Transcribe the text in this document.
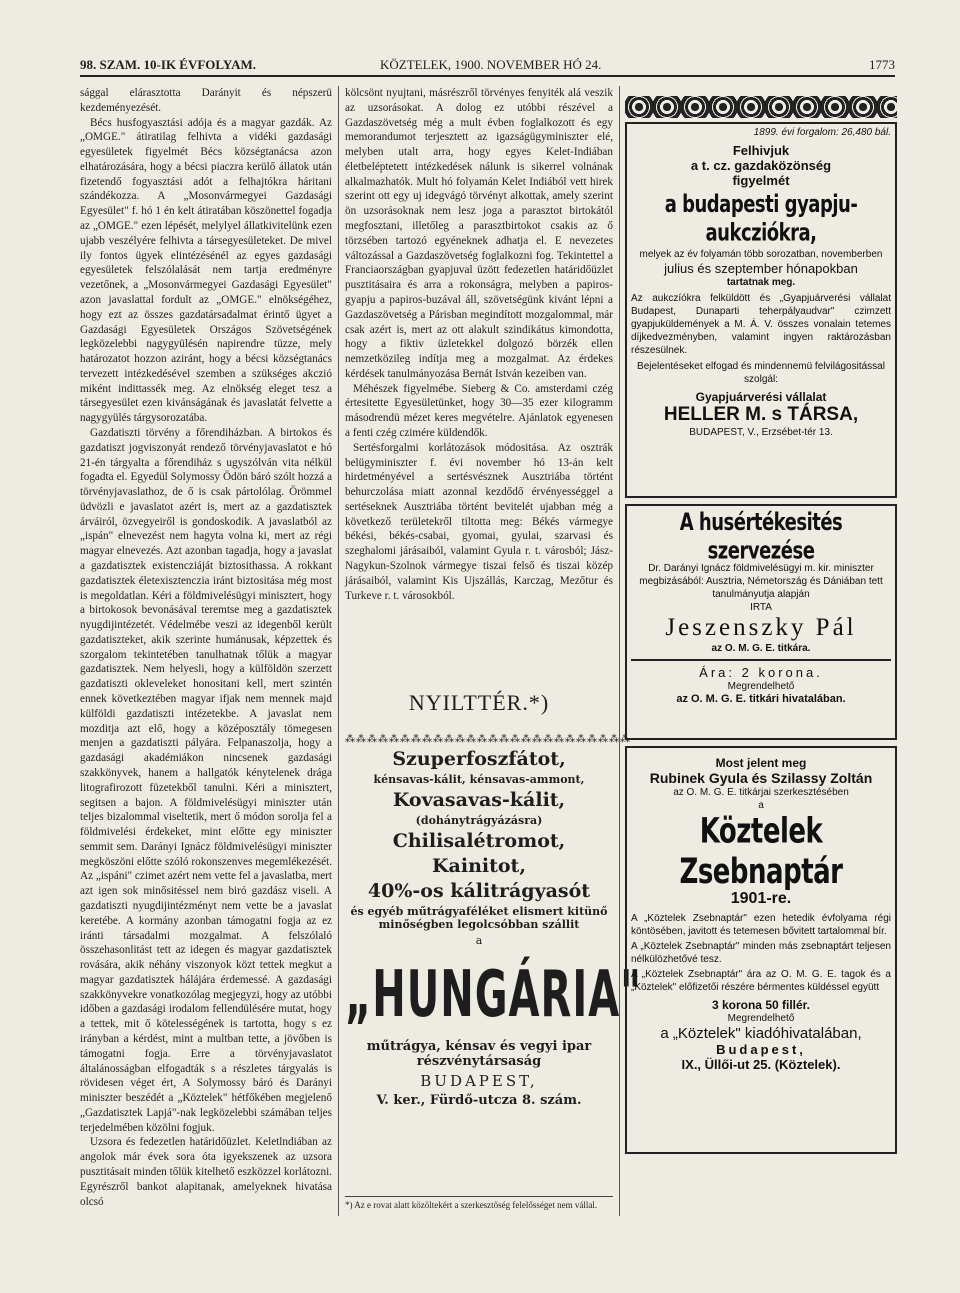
98. SZAM. 10-IK ÉVFOLYAM.	KÖZTELEK, 1900. NOVEMBER HÓ 24.	1773

sággal elárasztotta Darányit és népszerü kezdeményezését.

Bécs husfogyasztási adója és a magyar gazdák. Az „OMGE." átiratilag felhivta a vidéki gazdasági egyesületek figyelmét Bécs községtanácsa azon elhatározására, hogy a bécsi piaczra kerülő állatok után fizetendő fogyasztási adót a felhajtókra háritani szándékozza. A „Mosonvármegyei Gazdasági Egyesület" f. hó 1 én kelt átiratában köszönettel fogadja az „OMGE." ezen lépését, melylyel állatkivitelünk ezen ujabb veszélyére felhivta a társegyesületeket. De mivel ily fontos ügyek elintézésénél az egyes gazdasági egyesületek felszólalását nem tartja eredményre vezetőnek, a „Mosonvármegyei Gazdasági Egyesület" azon javaslattal fordult az „OMGE." elnökségéhez, hogy ezt az összes gazdatársadalmat érintő ügyet a Gazdasági Egyesületek Országos Szövetségének legközelebbi nagygyülésén napirendre tüzze, mely határozatot hozzon aziránt, hogy a bécsi községtanács tervezett intézkedésével szemben a szükséges akczió miként indittassék meg. Az elnökség eleget tesz a társegyesület ezen kivánságának és javaslatát felvette a nagygyülés tárgysorozatába.

Gazdatiszti törvény a főrendiházban. A birtokos és gazdatiszt jogviszonyát rendező törvényjavaslatot e hó 21-én tárgyalta a főrendiház s ugyszólván vita nélkül fogadta el. Egyedül Solymossy Ödön báró szólt hozzá a törvényjavaslathoz, de ő is csak pártolólag. Örömmel üdvözli e javaslatot azért is, mert az a gazdatisztek árváiról, özvegyeiről is gondoskodik. A javaslatból az „ispán" elnevezést nem hagyta volna ki, mert az régi magyar elnevezés. Azt azonban tagadja, hogy a javaslat a gazdatisztek existencziáját biztosithassa. A rokkant gazdatisztek életexisztenczia iránt biztositása még most is megoldatlan. Kéri a földmivelésügyi minisztert, hogy a birtokosok bevonásával teremtse meg a gazdatisztek nyugdijintézetét. Védelmébe veszi az idegenből került gazdatiszteket, akik szerinte humánusak, képzettek és szorgalom tekintetében tanulhatnak tőlük a magyar gazdatisztek. Nem helyesli, hogy a külföldön szerzett gazdatiszti okleveleket honositani kell, mert szintén ennek következtében magyar ifjak nem mennek majd külföldi gazdatiszti intézetekbe. A javaslat nem mozditja azt elő, hogy a középosztály tömegesen menjen a gazdatiszti pályára. Felpanaszolja, hogy a gazdasági akadémiákon nincsenek gazdasági szakkönyvek, hanem a hallgatók kénytelenek drága litografirozott füzetekből tanulni. Kéri a minisztert, segitsen a bajon. A földmivelésügyi miniszter után teljes bizalommal viseltetik, mert ő módon sorolja fel a földmivelési érdekeket, mint előtte egy miniszter semmit sem. Darányi Ignácz földmivelésügyi miniszter megköszöni előtte szóló rokonszenves megemlékezését. Az „ispáni" czimet azért nem vette fel a javaslatba, mert azt igen sok minősitéssel nem biró gazdász viseli. A gazdatiszti nyugdijintézményt nem vette be a javaslat keretébe. A kormány azonban támogatni fogja az ez iránti társadalmi mozgalmat. A felszólaló összehasonlitást tett az idegen és magyar gazdatisztek rovására, akik néhány viszonyok közt tettek megkut a magyar gazdatisztek hálájára érdemessé. A gazdasági szakkönyvekre vonatkozólag megjegyzi, hogy az utóbbi időben a gazdasági irodalom fellendülésére mutat, hogy a tettek, mit ő kötelességének is tartotta, hogy s ez irányban a kérdést, mint a multban tette, a jövőben is támogatni fogja. Erre a törvényjavaslatot általánosságban elfogadták s a részletes tárgyalás is rövidesen véget ért, A Solymossy báró és Darányi miniszter beszédét a „Köztelek" hétfőkében megjelenő „Gazdatisztek Lapjá"-nak legközelebbi számában teljes terjedelmében közölni fogjuk.

Uzsora és fedezetlen határidőüzlet. Keletlndiában az angolok már évek sora óta igyekszenek az uzsora pusztitásait minden tőlük kitelhető eszközzel korlátozni. Egyrészről bankot alapitanak, amelyeknek hivatása olcsó

kölcsönt nyujtani, másrészről törvényes fenyiték alá veszik az uzsorásokat. A dolog ez utóbbi részével a Gazdaszövetség még a mult évben foglalkozott és egy memorandumot terjesztett az igazságügyminiszter elé, melyben utalt arra, hogy egyes Kelet-Indiában életbeléptetett intézkedések nálunk is sikerrel volnának alkalmazhatók. Mult hó folyamán Kelet Indiából vett hirek szerint ott egy uj idegvágó törvényt alkottak, amely szerint ön uzsorásoknak nem lesz joga a parasztot birtokától megfosztani, illetőleg a parasztbirtokot csakis az ő törzsében tartozó egyéneknek adhatja el. E nevezetes változással a Gazdaszövetség foglalkozni fog. Tekintettel a Franciaországban gyapjuval üzött fedezetlen határidőüzlet pusztitásaira és arra a rokonságra, melyben a papiros-gyapju a papiros-buzával áll, szövetségünk kivánt lépni a Gazdaszövetség a Párisban megindított mozgalommal, már csak azért is, mert az ott alakult szindikátus kimondotta, hogy a fiktiv üzletekkel dolgozó börzék ellen nemzetközileg indítja meg a mozgalmat. Az érdekes kérdések tanulmányozása Bernát István kezeiben van.

Méhészek figyelmébe. Sieberg & Co. amsterdami czég értesitette Egyesületünket, hogy 30—35 ezer kilogramm másodrendü mézet keres megvételre. Ajánlatok egyenesen a fenti czég czimére küldendők.

Sertésforgalmi korlátozások módositása. Az osztrák belügyminiszter f. évi november hó 13-án kelt hirdetményével a sertésvésznek Ausztriába történt behurczolása miatt azonnal kezdődő érvényességgel a sertéseknek Ausztriába történt bevitelét ujabban még a következő területekről tiltotta meg: Békés vármegye békési, békés-csabai, gyomai, gyulai, szarvasi és szeghalomi járásaiból, valamint Gyula r. t. városból; Jász-Nagykun-Szolnok vármegye tiszai felső és tiszai közép járásaiból, valamint Kis Ujszállás, Karczag, Mezőtur és Turkeve r. t. városokból.

NYILTTÉR.*)
⁂⁂⁂⁂⁂⁂⁂⁂⁂⁂⁂⁂⁂⁂⁂⁂⁂⁂⁂⁂⁂⁂⁂⁂⁂⁂
Szuperfoszfátot,
kénsavas-kálit, kénsavas-ammont,
Kovasavas-kálit,
(dohánytrágyázásra)
Chilisalétromot,
Kainitot,
40%-os kálitrágyasót
és egyéb műtrágyaféléket elismert kitünő minőségben legolcsóbban szállit
a
„HUNGÁRIA"
műtrágya, kénsav és vegyi ipar részvénytársaság
BUDAPEST,
V. ker., Fürdő-utcza 8. szám.
*) Az e rovat alatt közöltekért a szerkesztőség felelősséget nem vállal.
1899. évi forgalom: 26,480 bál.
Felhivjuk
a t. cz. gazdaközönség
figyelmét
a budapesti gyapju-aukcziókra,
melyek az év folyamán több sorozatban, novemberben
julius és szeptember hónapokban
tartatnak meg.
Az aukczíókra felküldött és „Gyapjuárverési vállalat Budapest, Dunaparti teherpályaudvar" czimzett gyapjuküldemények a M. Á. V. összes vonalain tetemes díjkedvezményben, valamint ingyen raktározásban részesülnek.
Bejelentéseket elfogad és mindennemü felvilágositással szolgál:
Gyapjuárverési vállalat
HELLER M. s TÁRSA,
BUDAPEST, V., Erzsébet-tér 13.
A husértékesités szervezése
Dr. Darányi Ignácz földmivelésügyi m. kir. miniszter megbizásából: Ausztria, Németország és Dániában tett tanulmányutja alapján
IRTA
Jeszenszky Pál
az O. M. G. E. titkára.
Ára: 2 korona.
Megrendelhető
az O. M. G. E. titkári hivatalában.
Most jelent meg
Rubinek Gyula és Szilassy Zoltán
az O. M. G. E. titkárjai szerkesztésében
a
Köztelek Zsebnaptár
1901-re.
A „Köztelek Zsebnaptár" ezen hetedik évfolyama régi köntösében, javitott és tetemesen bővitett tartalommal bír.
A „Köztelek Zsebnaptár" minden más zsebnaptárt teljesen nélkülözhetővé tesz.
A „Köztelek Zsebnaptár" ára az O. M. G. E. tagok és a „Köztelek" előfizetői részére bérmentes küldéssel együtt
3 korona 50 fillér.
Megrendelhető
a „Köztelek" kiadóhivatalában,
Budapest,
IX., Üllői-ut 25. (Köztelek).
